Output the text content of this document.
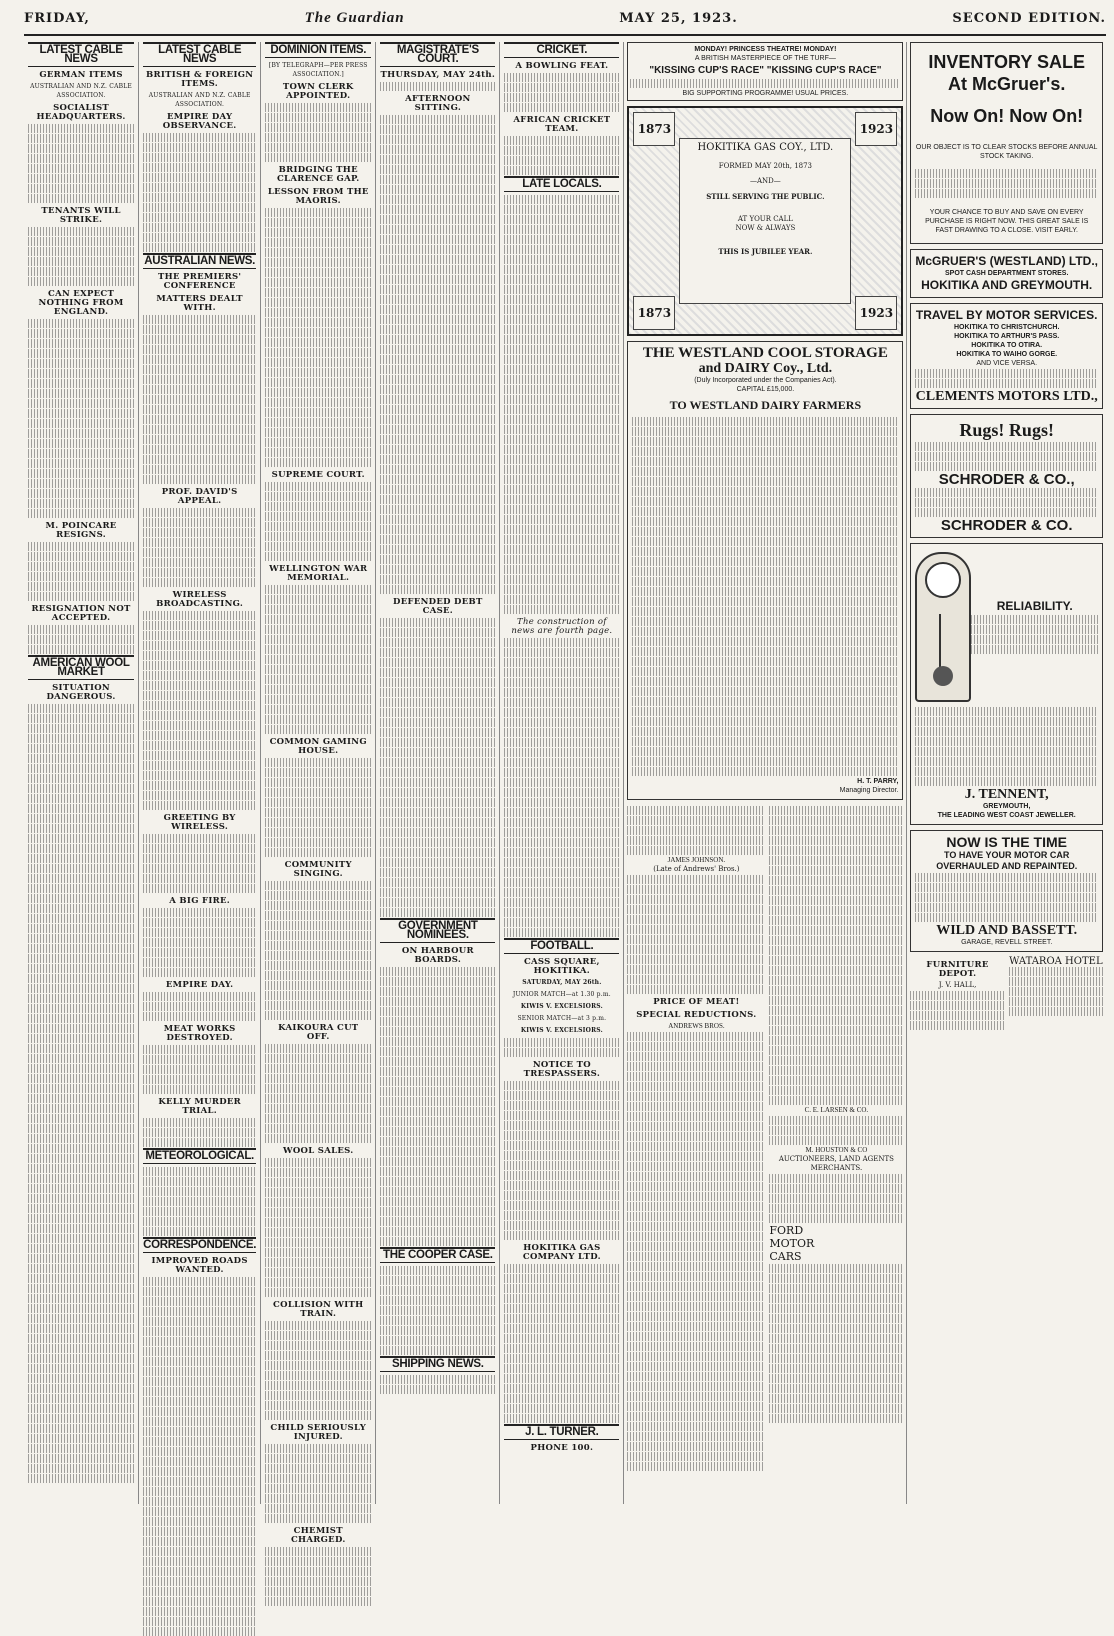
FRIDAY,	The Guardian	MAY 25, 1923.	SECOND EDITION.
LATEST CABLE NEWS
GERMAN ITEMS
AUSTRALIAN AND N.Z. CABLE ASSOCIATION.
SOCIALIST HEADQUARTERS.
TENANTS WILL STRIKE.
CAN EXPECT NOTHING FROM ENGLAND.
M. POINCARE RESIGNS.
RESIGNATION NOT ACCEPTED.
AMERICAN WOOL MARKET
SITUATION DANGEROUS.
LATEST CABLE NEWS
BRITISH & FOREIGN ITEMS.
AUSTRALIAN AND N.Z. CABLE ASSOCIATION.
EMPIRE DAY OBSERVANCE.
AUSTRALIAN NEWS.
THE PREMIERS' CONFERENCE
MATTERS DEALT WITH.
PROF. DAVID'S APPEAL.
WIRELESS BROADCASTING.
GREETING BY WIRELESS.
A BIG FIRE.
EMPIRE DAY.
MEAT WORKS DESTROYED.
KELLY MURDER TRIAL.
METEOROLOGICAL.
CORRESPONDENCE.
IMPROVED ROADS WANTED.
DOMINION ITEMS.
[BY TELEGRAPH—PER PRESS ASSOCIATION.]
TOWN CLERK APPOINTED.
BRIDGING THE CLARENCE GAP.
LESSON FROM THE MAORIS.
SUPREME COURT.
WELLINGTON WAR MEMORIAL.
COMMON GAMING HOUSE.
COMMUNITY SINGING.
KAIKOURA CUT OFF.
WOOL SALES.
COLLISION WITH TRAIN.
CHILD SERIOUSLY INJURED.
CHEMIST CHARGED.
MAGISTRATE'S COURT.
THURSDAY, MAY 24th.
AFTERNOON SITTING.
DEFENDED DEBT CASE.
GOVERNMENT NOMINEES.
ON HARBOUR BOARDS.
THE COOPER CASE.
SHIPPING NEWS.
CRICKET.
A BOWLING FEAT.
AFRICAN CRICKET TEAM.
LATE LOCALS.
The construction of news are fourth page.
FOOTBALL.
CASS SQUARE, HOKITIKA.
SATURDAY, MAY 26th.
JUNIOR MATCH—at 1.30 p.m.
KIWIS V. EXCELSIORS.
SENIOR MATCH—at 3 p.m.
KIWIS V. EXCELSIORS.
NOTICE TO TRESPASSERS.
HOKITIKA GAS COMPANY LTD.
J. L. TURNER.
PHONE 100.
MONDAY! PRINCESS THEATRE! MONDAY!
A BRITISH MASTERPIECE OF THE TURF—
"KISSING CUP'S RACE" "KISSING CUP'S RACE"
BIG SUPPORTING PROGRAMME! USUAL PRICES.
1873	1923
1873	1923
HOKITIKA GAS COY., LTD.
FORMED MAY 20th, 1873
—AND—
STILL SERVING THE PUBLIC.
AT YOUR CALL
NOW & ALWAYS
THIS IS JUBILEE YEAR.
THE WESTLAND COOL STORAGE
and DAIRY Coy., Ltd.
(Duly Incorporated under the Companies Act).
CAPITAL £15,000.
TO WESTLAND DAIRY FARMERS
H. T. PARRY,
Managing Director.
JAMES JOHNSON.
(Late of Andrews' Bros.)
PRICE OF MEAT!
SPECIAL REDUCTIONS.
ANDREWS BROS.
C. E. LARSEN & CO.
M. HOUSTON & CO
AUCTIONEERS, LAND AGENTS MERCHANTS.
FORD MOTOR CARS
INVENTORY SALE
At McGruer's.
Now On! Now On!
OUR OBJECT IS TO CLEAR STOCKS BEFORE ANNUAL STOCK TAKING.
YOUR CHANCE TO BUY AND SAVE ON EVERY PURCHASE IS RIGHT NOW. THIS GREAT SALE IS FAST DRAWING TO A CLOSE. VISIT EARLY.
McGRUER'S (WESTLAND) LTD.,
SPOT CASH DEPARTMENT STORES.
HOKITIKA AND GREYMOUTH.
TRAVEL BY MOTOR SERVICES.
HOKITIKA TO CHRISTCHURCH.
HOKITIKA TO ARTHUR'S PASS.
HOKITIKA TO OTIRA.
HOKITIKA TO WAIHO GORGE.
AND VICE VERSA.
CLEMENTS MOTORS LTD.,
Rugs! Rugs!
SCHRODER & CO.,
SCHRODER & CO.
RELIABILITY.
J. TENNENT,
GREYMOUTH,
THE LEADING WEST COAST JEWELLER.
NOW IS THE TIME
TO HAVE YOUR MOTOR CAR OVERHAULED AND REPAINTED.
WILD AND BASSETT.
GARAGE, REVELL STREET.
FURNITURE DEPOT.
J. V. HALL,
WATAROA HOTEL
